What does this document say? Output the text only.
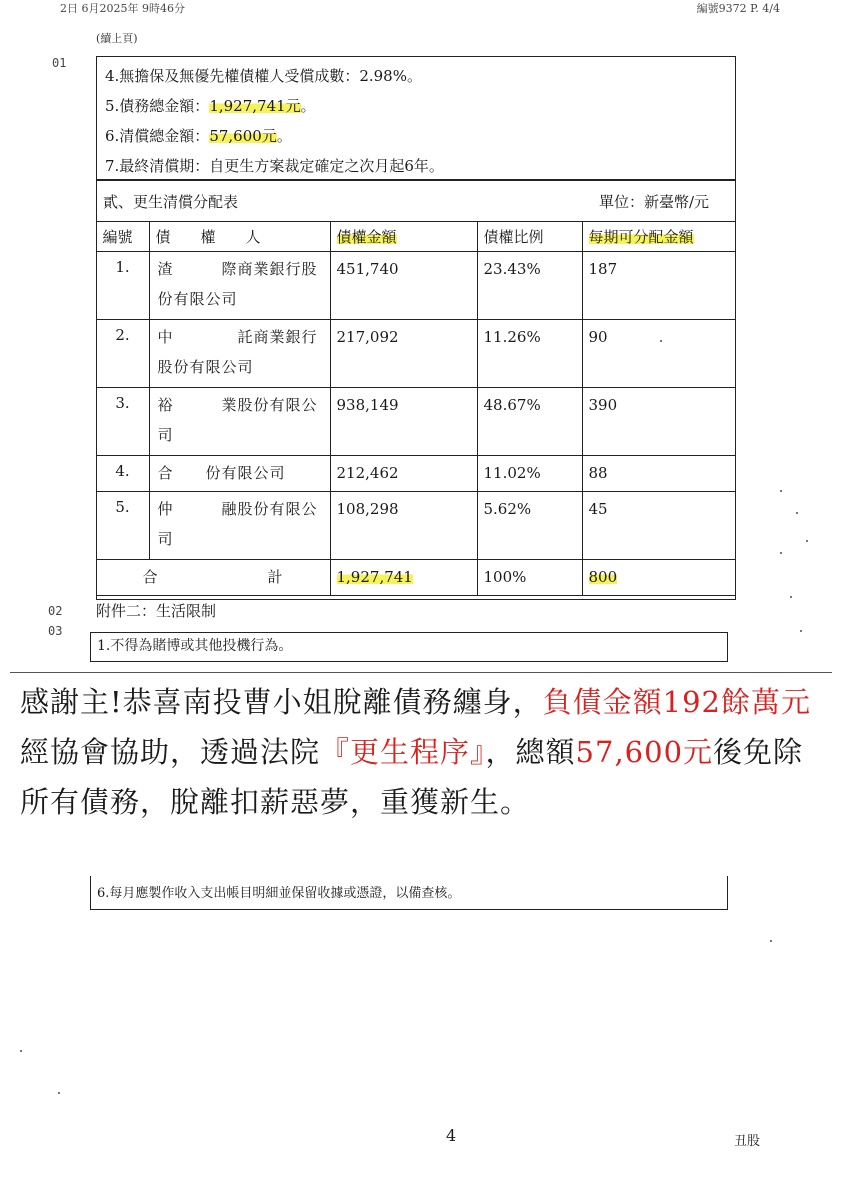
2日 6月2025年 9時46分	編號9372 P. 4/4
(續上頁)
01
02
03

4.無擔保及無優先權債權人受償成數：2.98%。

5.債務總金額：1,927,741元。

6.清償總金額：57,600元。

7.最終清償期：自更生方案裁定確定之次月起6年。

貳、更生清償分配表	單位：新臺幣/元
編號	債　　權　　人	債權金額	債權比例	每期可分配金額
1.	渣　　　際商業銀行股份有限公司	451,740	23.43%	187
2.	中　　　　託商業銀行股份有限公司	217,092	11.26%	90
3.	裕　　　業股份有限公司	938,149	48.67%	390
4.	合　　份有限公司	212,462	11.02%	88
5.	仲　　　融股份有限公司	108,298	5.62%	45
合 計		1,927,741	100%	800
附件二：生活限制
1.不得為賭博或其他投機行為。
感謝主!恭喜南投曹小姐脫離債務纏身，負債金額192餘萬元經協會協助，透過法院『更生程序』，總額57,600元後免除所有債務，脫離扣薪惡夢，重獲新生。
6.每月應製作收入支出帳目明細並保留收據或憑證，以備查核。
4	丑股
